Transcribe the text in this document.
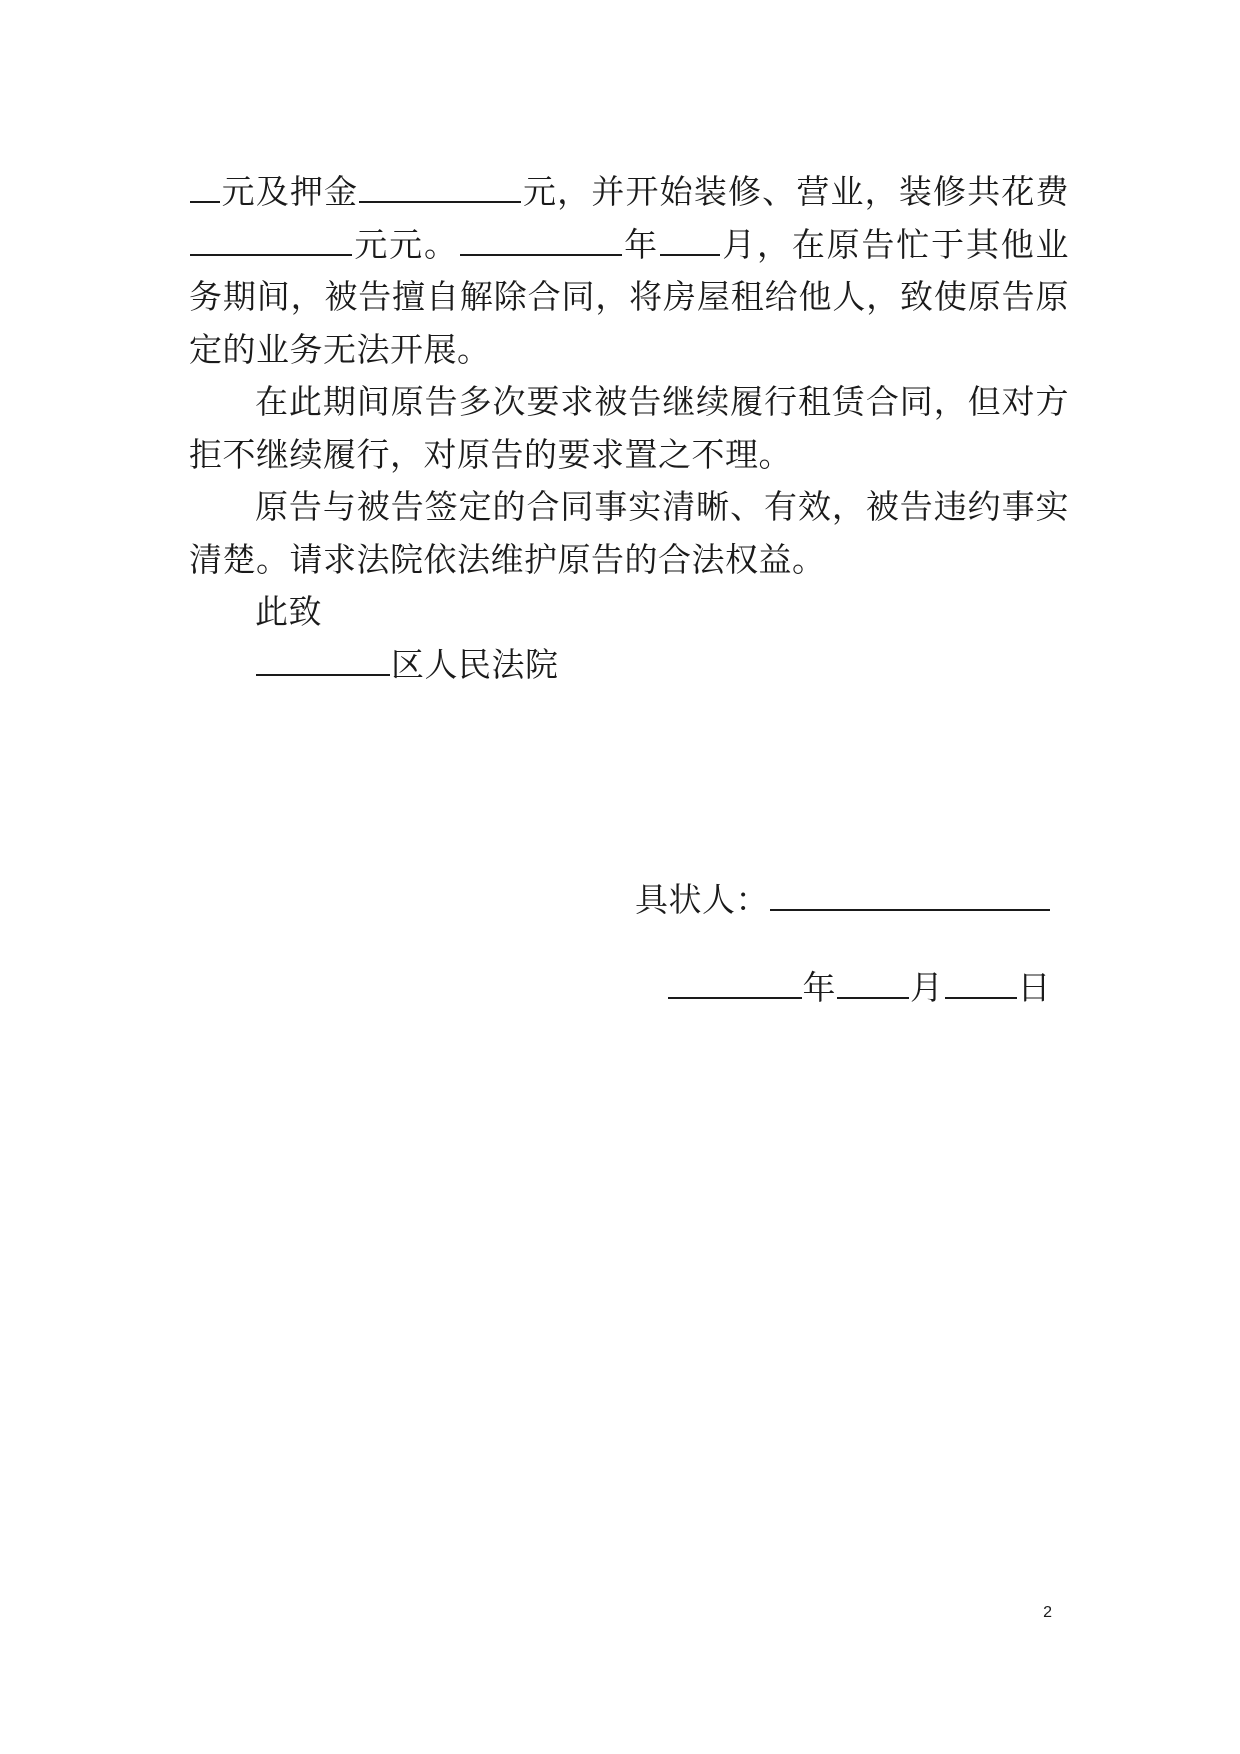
元及押金	元，并开始装修、营业，装修共花费元元。	年 月，在原告忙于其他业务期间，被告擅自解除合同，将房屋租给他人，致使原告原定的业务无法开展。

在此期间原告多次要求被告继续履行租赁合同，但对方拒不继续履行，对原告的要求置之不理。

原告与被告签定的合同事实清晰、有效，被告违约事实清楚。请求法院依法维护原告的合法权益。

此致

区人民法院

具状人：
年 月 日
2
